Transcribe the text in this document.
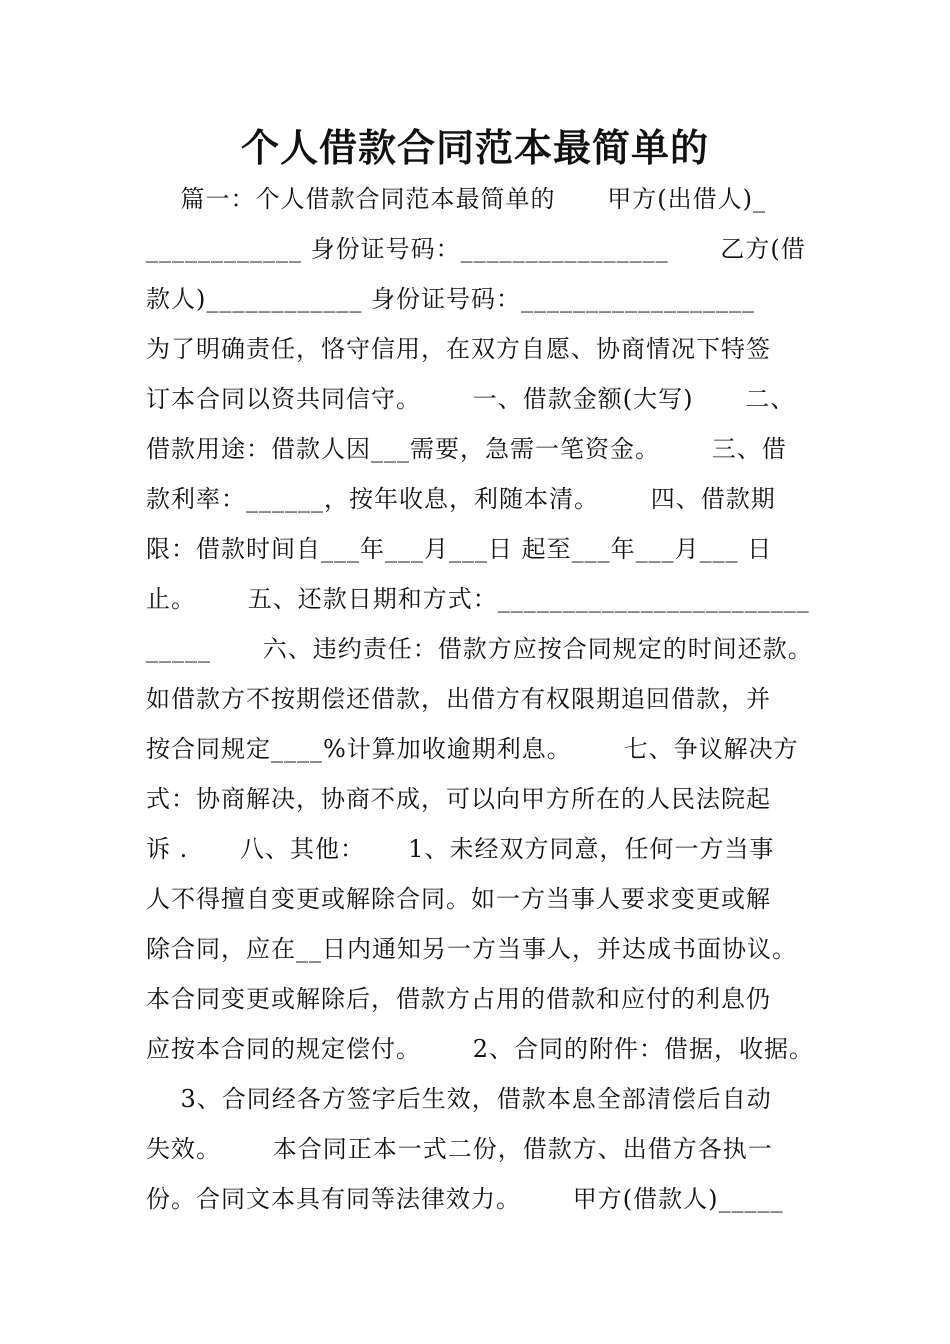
个人借款合同范本最简单的
篇一：个人借款合同范本最简单的      甲方(出借人)_
____________ 身份证号码：________________      乙方(借
款人)____________ 身份证号码：__________________
为了明确责任，恪守信用，在双方自愿、协商情况下特签
订本合同以资共同信守。      一、借款金额(大写)      二、
借款用途：借款人因___需要，急需一笔资金。      三、借
款利率：______，按年收息，利随本清。      四、借款期
限：借款时间自___年___月___日 起至___年___月___ 日
止。      五、还款日期和方式：________________________
_____      六、违约责任：借款方应按合同规定的时间还款。
如借款方不按期偿还借款，出借方有权限期追回借款，并
按合同规定____%计算加收逾期利息。      七、争议解决方
式：协商解决，协商不成，可以向甲方所在的人民法院起
诉 .      八、其他：     1、未经双方同意，任何一方当事
人不得擅自变更或解除合同。如一方当事人要求变更或解
除合同，应在__日内通知另一方当事人，并达成书面协议。
本合同变更或解除后，借款方占用的借款和应付的利息仍
应按本合同的规定偿付。      2、合同的附件：借据，收据。
3、合同经各方签字后生效，借款本息全部清偿后自动
失效。      本合同正本一式二份，借款方、出借方各执一
份。合同文本具有同等法律效力。      甲方(借款人)_____
